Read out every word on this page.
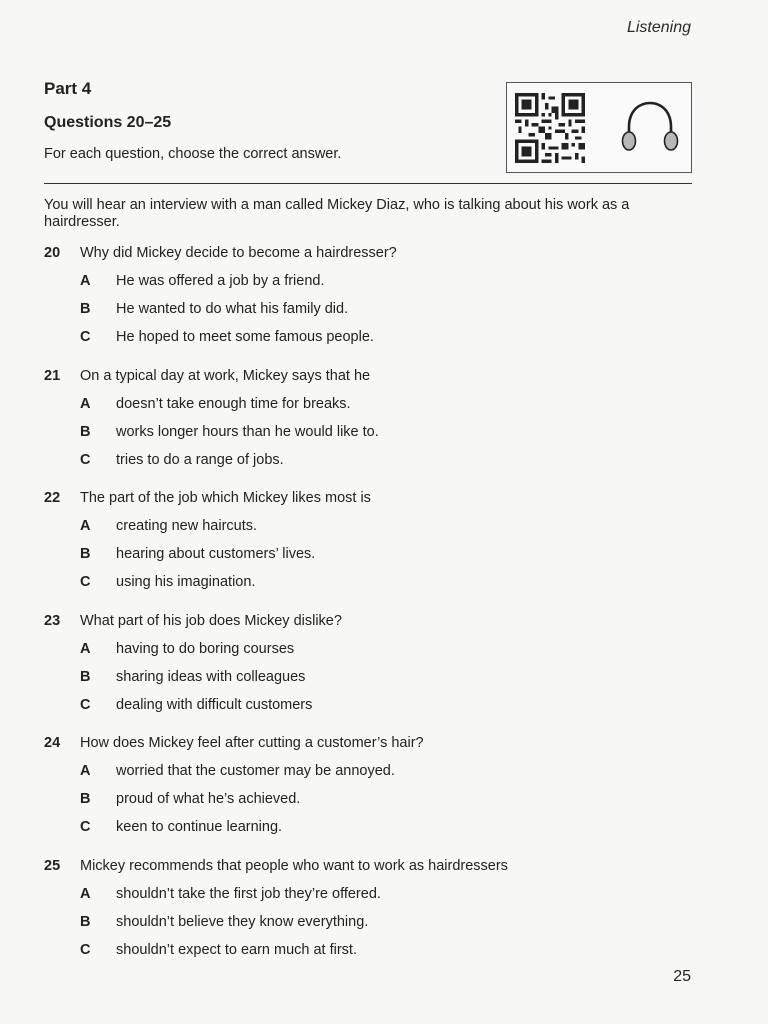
Listening
Part 4
Questions 20–25
For each question, choose the correct answer.
You will hear an interview with a man called Mickey Diaz, who is talking about his work as a hairdresser.
20	Why did Mickey decide to become a hairdresser?
A	He was offered a job by a friend.
B	He wanted to do what his family did.
C	He hoped to meet some famous people.
21	On a typical day at work, Mickey says that he
A	doesn’t take enough time for breaks.
B	works longer hours than he would like to.
C	tries to do a range of jobs.
22	The part of the job which Mickey likes most is
A	creating new haircuts.
B	hearing about customers’ lives.
C	using his imagination.
23	What part of his job does Mickey dislike?
A	having to do boring courses
B	sharing ideas with colleagues
C	dealing with difficult customers
24	How does Mickey feel after cutting a customer’s hair?
A	worried that the customer may be annoyed.
B	proud of what he’s achieved.
C	keen to continue learning.
25	Mickey recommends that people who want to work as hairdressers
A	shouldn’t take the first job they’re offered.
B	shouldn’t believe they know everything.
C	shouldn’t expect to earn much at first.
25
